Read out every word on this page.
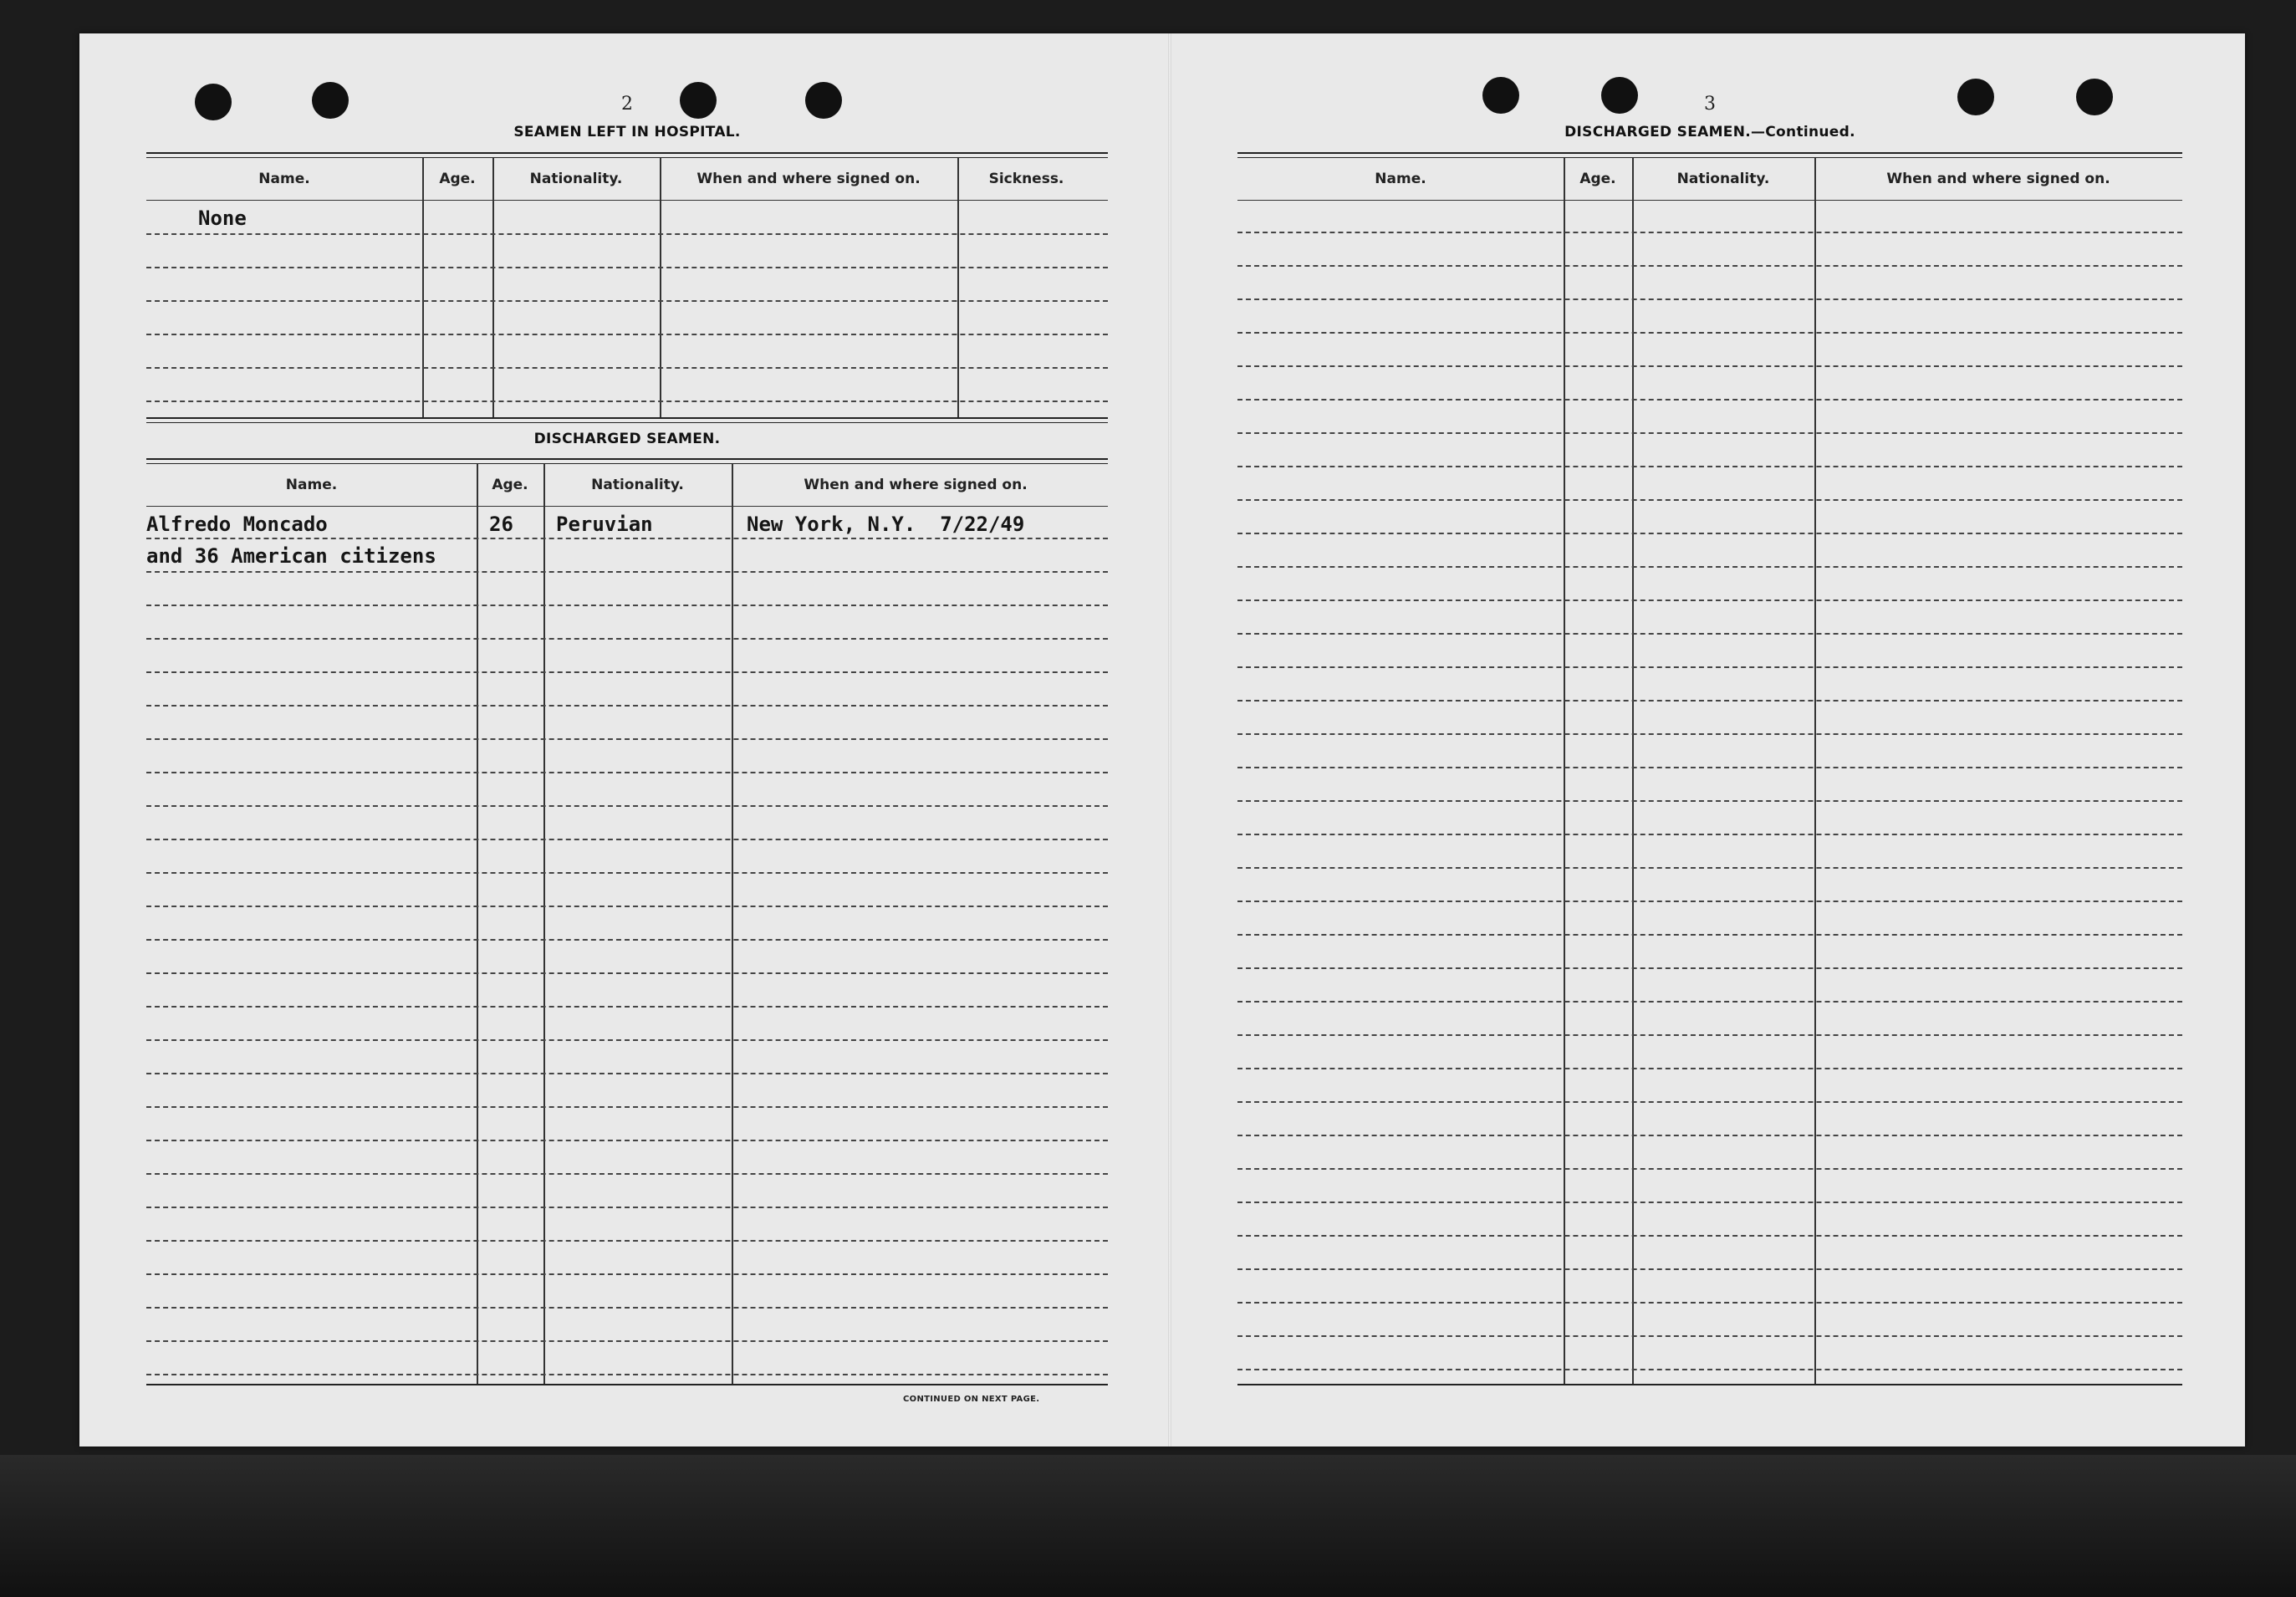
2
SEAMEN LEFT IN HOSPITAL.
Name.	Age.	Nationality.	When and where signed on.	Sickness.
None
DISCHARGED SEAMEN.
Name.	Age.	Nationality.	When and where signed on.
Alfredo Moncado	26 Peruvian	New York, N.Y.  7/22/49
and 36 American citizens
CONTINUED ON NEXT PAGE.
3
DISCHARGED SEAMEN.—Continued.
Name.	Age.	Nationality.	When and where signed on.
